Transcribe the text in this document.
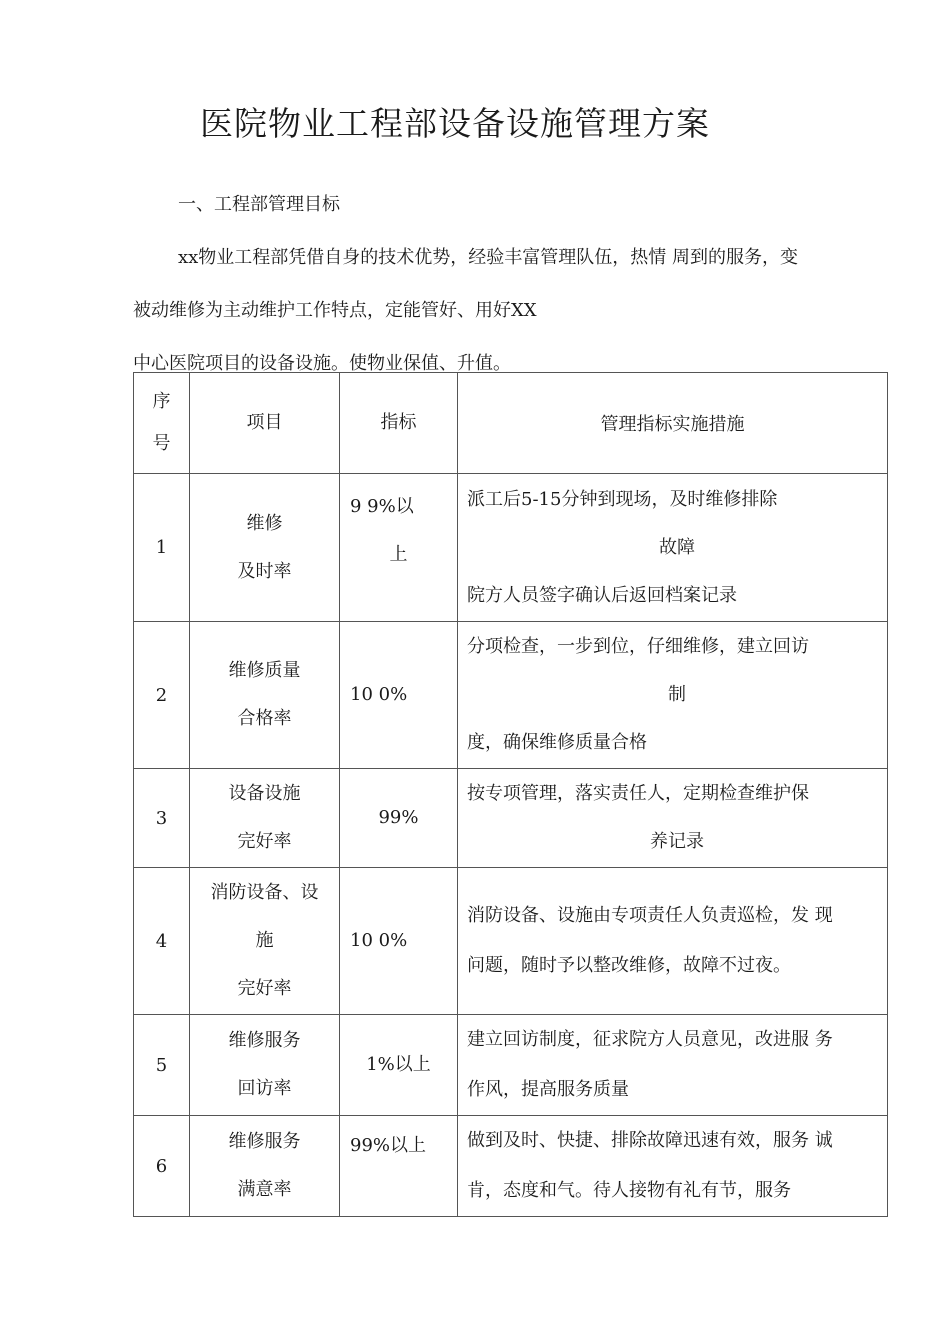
医院物业工程部设备设施管理方案
一、工程部管理目标
xx物业工程部凭借自身的技术优势，经验丰富管理队伍，热情 周到的服务，变
被动维修为主动维护工作特点，定能管好、用好XX
中心医院项目的设备设施。使物业保值、升值。
序
号	项目	指标	管理指标实施措施
1	维修
及时率	9 9%以
上	派工后5-15分钟到现场，及时维修排除
故障
院方人员签字确认后返回档案记录

2	维修质量
合格率	10 0%	分项检查，一步到位，仔细维修，建立回访
制
度，确保维修质量合格

3	设备设施
完好率	99%	按专项管理，落实责任人，定期检查维护保
养记录

4	消防设备、设
施
完好率	10 0%	消防设备、设施由专项责任人负责巡检，发 现
问题，随时予以整改维修，故障不过夜。

5	维修服务
回访率	1%以上	建立回访制度，征求院方人员意见，改进服 务
作风，提高服务质量

6	维修服务
满意率	99%以上	做到及时、快捷、排除故障迅速有效，服务 诚
肯，态度和气。待人接物有礼有节，服务
